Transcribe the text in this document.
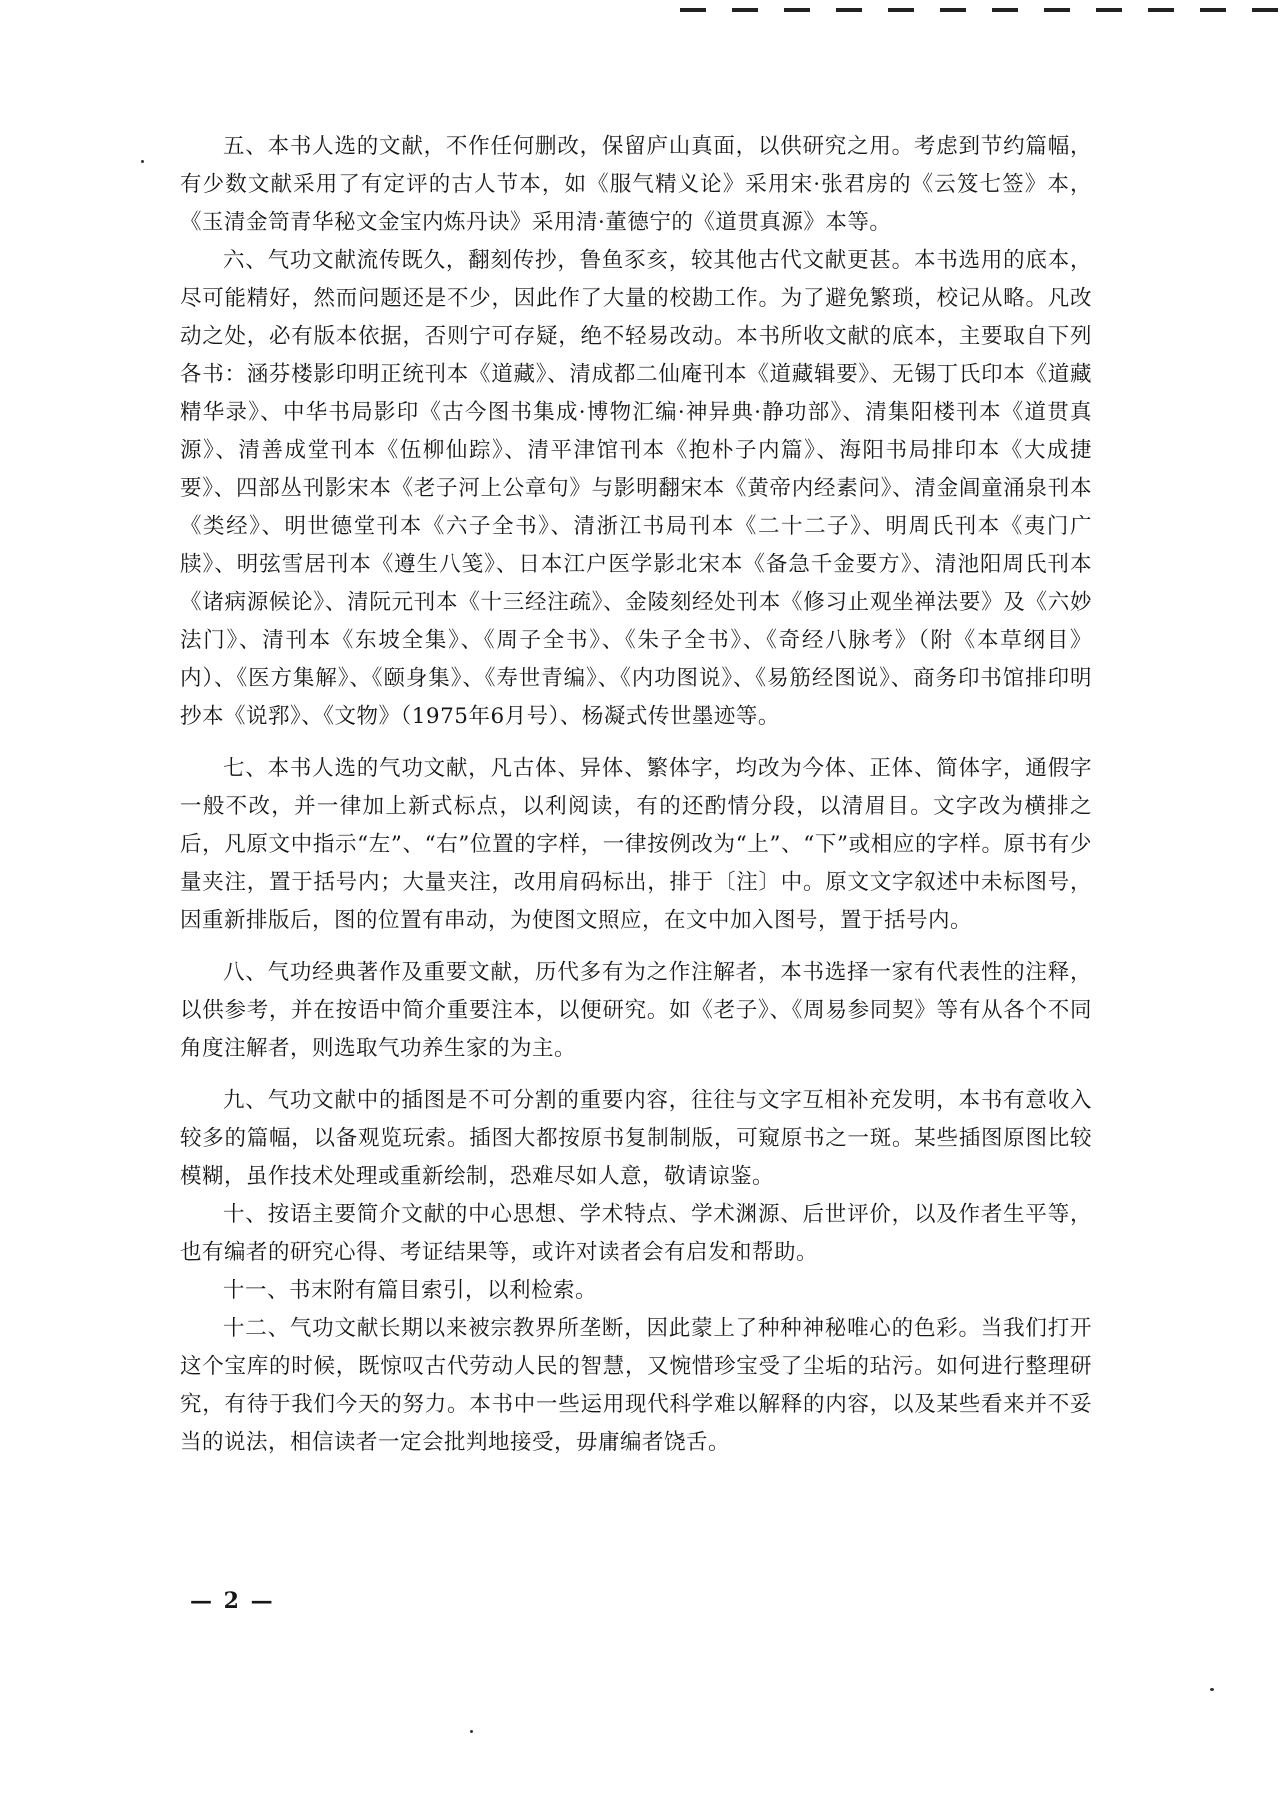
五、本书人选的文献，不作任何删改，保留庐山真面，以供研究之用。考虑到节约篇幅，有少数文献采用了有定评的古人节本，如《服气精义论》采用宋·张君房的《云笈七签》本，《玉清金笥青华秘文金宝内炼丹诀》采用清·董德宁的《道贯真源》本等。

六、气功文献流传既久，翻刻传抄，鲁鱼豕亥，较其他古代文献更甚。本书选用的底本，尽可能精好，然而问题还是不少，因此作了大量的校勘工作。为了避免繁琐，校记从略。凡改动之处，必有版本依据，否则宁可存疑，绝不轻易改动。本书所收文献的底本，主要取自下列各书：涵芬楼影印明正统刊本《道藏》、清成都二仙庵刊本《道藏辑要》、无锡丁氏印本《道藏精华录》、中华书局影印《古今图书集成·博物汇编·神异典·静功部》、清集阳楼刊本《道贯真源》、清善成堂刊本《伍柳仙踪》、清平津馆刊本《抱朴子内篇》、海阳书局排印本《大成捷要》、四部丛刊影宋本《老子河上公章句》与影明翻宋本《黄帝内经素问》、清金阊童涌泉刊本《类经》、明世德堂刊本《六子全书》、清浙江书局刊本《二十二子》、明周氏刊本《夷门广牍》、明弦雪居刊本《遵生八笺》、日本江户医学影北宋本《备急千金要方》、清池阳周氏刊本《诸病源候论》、清阮元刊本《十三经注疏》、金陵刻经处刊本《修习止观坐禅法要》及《六妙法门》、清刊本《东坡全集》、《周子全书》、《朱子全书》、《奇经八脉考》（附《本草纲目》内）、《医方集解》、《颐身集》、《寿世青编》、《内功图说》、《易筋经图说》、商务印书馆排印明抄本《说郛》、《文物》（1975年6月号）、杨凝式传世墨迹等。

七、本书人选的气功文献，凡古体、异体、繁体字，均改为今体、正体、简体字，通假字一般不改，并一律加上新式标点，以利阅读，有的还酌情分段，以清眉目。文字改为横排之后，凡原文中指示“左”、“右”位置的字样，一律按例改为“上”、“下”或相应的字样。原书有少量夹注，置于括号内；大量夹注，改用肩码标出，排于〔注〕中。原文文字叙述中未标图号，因重新排版后，图的位置有串动，为使图文照应，在文中加入图号，置于括号内。

八、气功经典著作及重要文献，历代多有为之作注解者，本书选择一家有代表性的注释，以供参考，并在按语中简介重要注本，以便研究。如《老子》、《周易参同契》等有从各个不同角度注解者，则选取气功养生家的为主。

九、气功文献中的插图是不可分割的重要内容，往往与文字互相补充发明，本书有意收入较多的篇幅，以备观览玩索。插图大都按原书复制制版，可窥原书之一斑。某些插图原图比较模糊，虽作技术处理或重新绘制，恐难尽如人意，敬请谅鉴。

十、按语主要简介文献的中心思想、学术特点、学术渊源、后世评价，以及作者生平等，也有编者的研究心得、考证结果等，或许对读者会有启发和帮助。

十一、书末附有篇目索引，以利检索。

十二、气功文献长期以来被宗教界所垄断，因此蒙上了种种神秘唯心的色彩。当我们打开这个宝库的时候，既惊叹古代劳动人民的智慧，又惋惜珍宝受了尘垢的玷污。如何进行整理研究，有待于我们今天的努力。本书中一些运用现代科学难以解释的内容，以及某些看来并不妥当的说法，相信读者一定会批判地接受，毋庸编者饶舌。

— 2 —
